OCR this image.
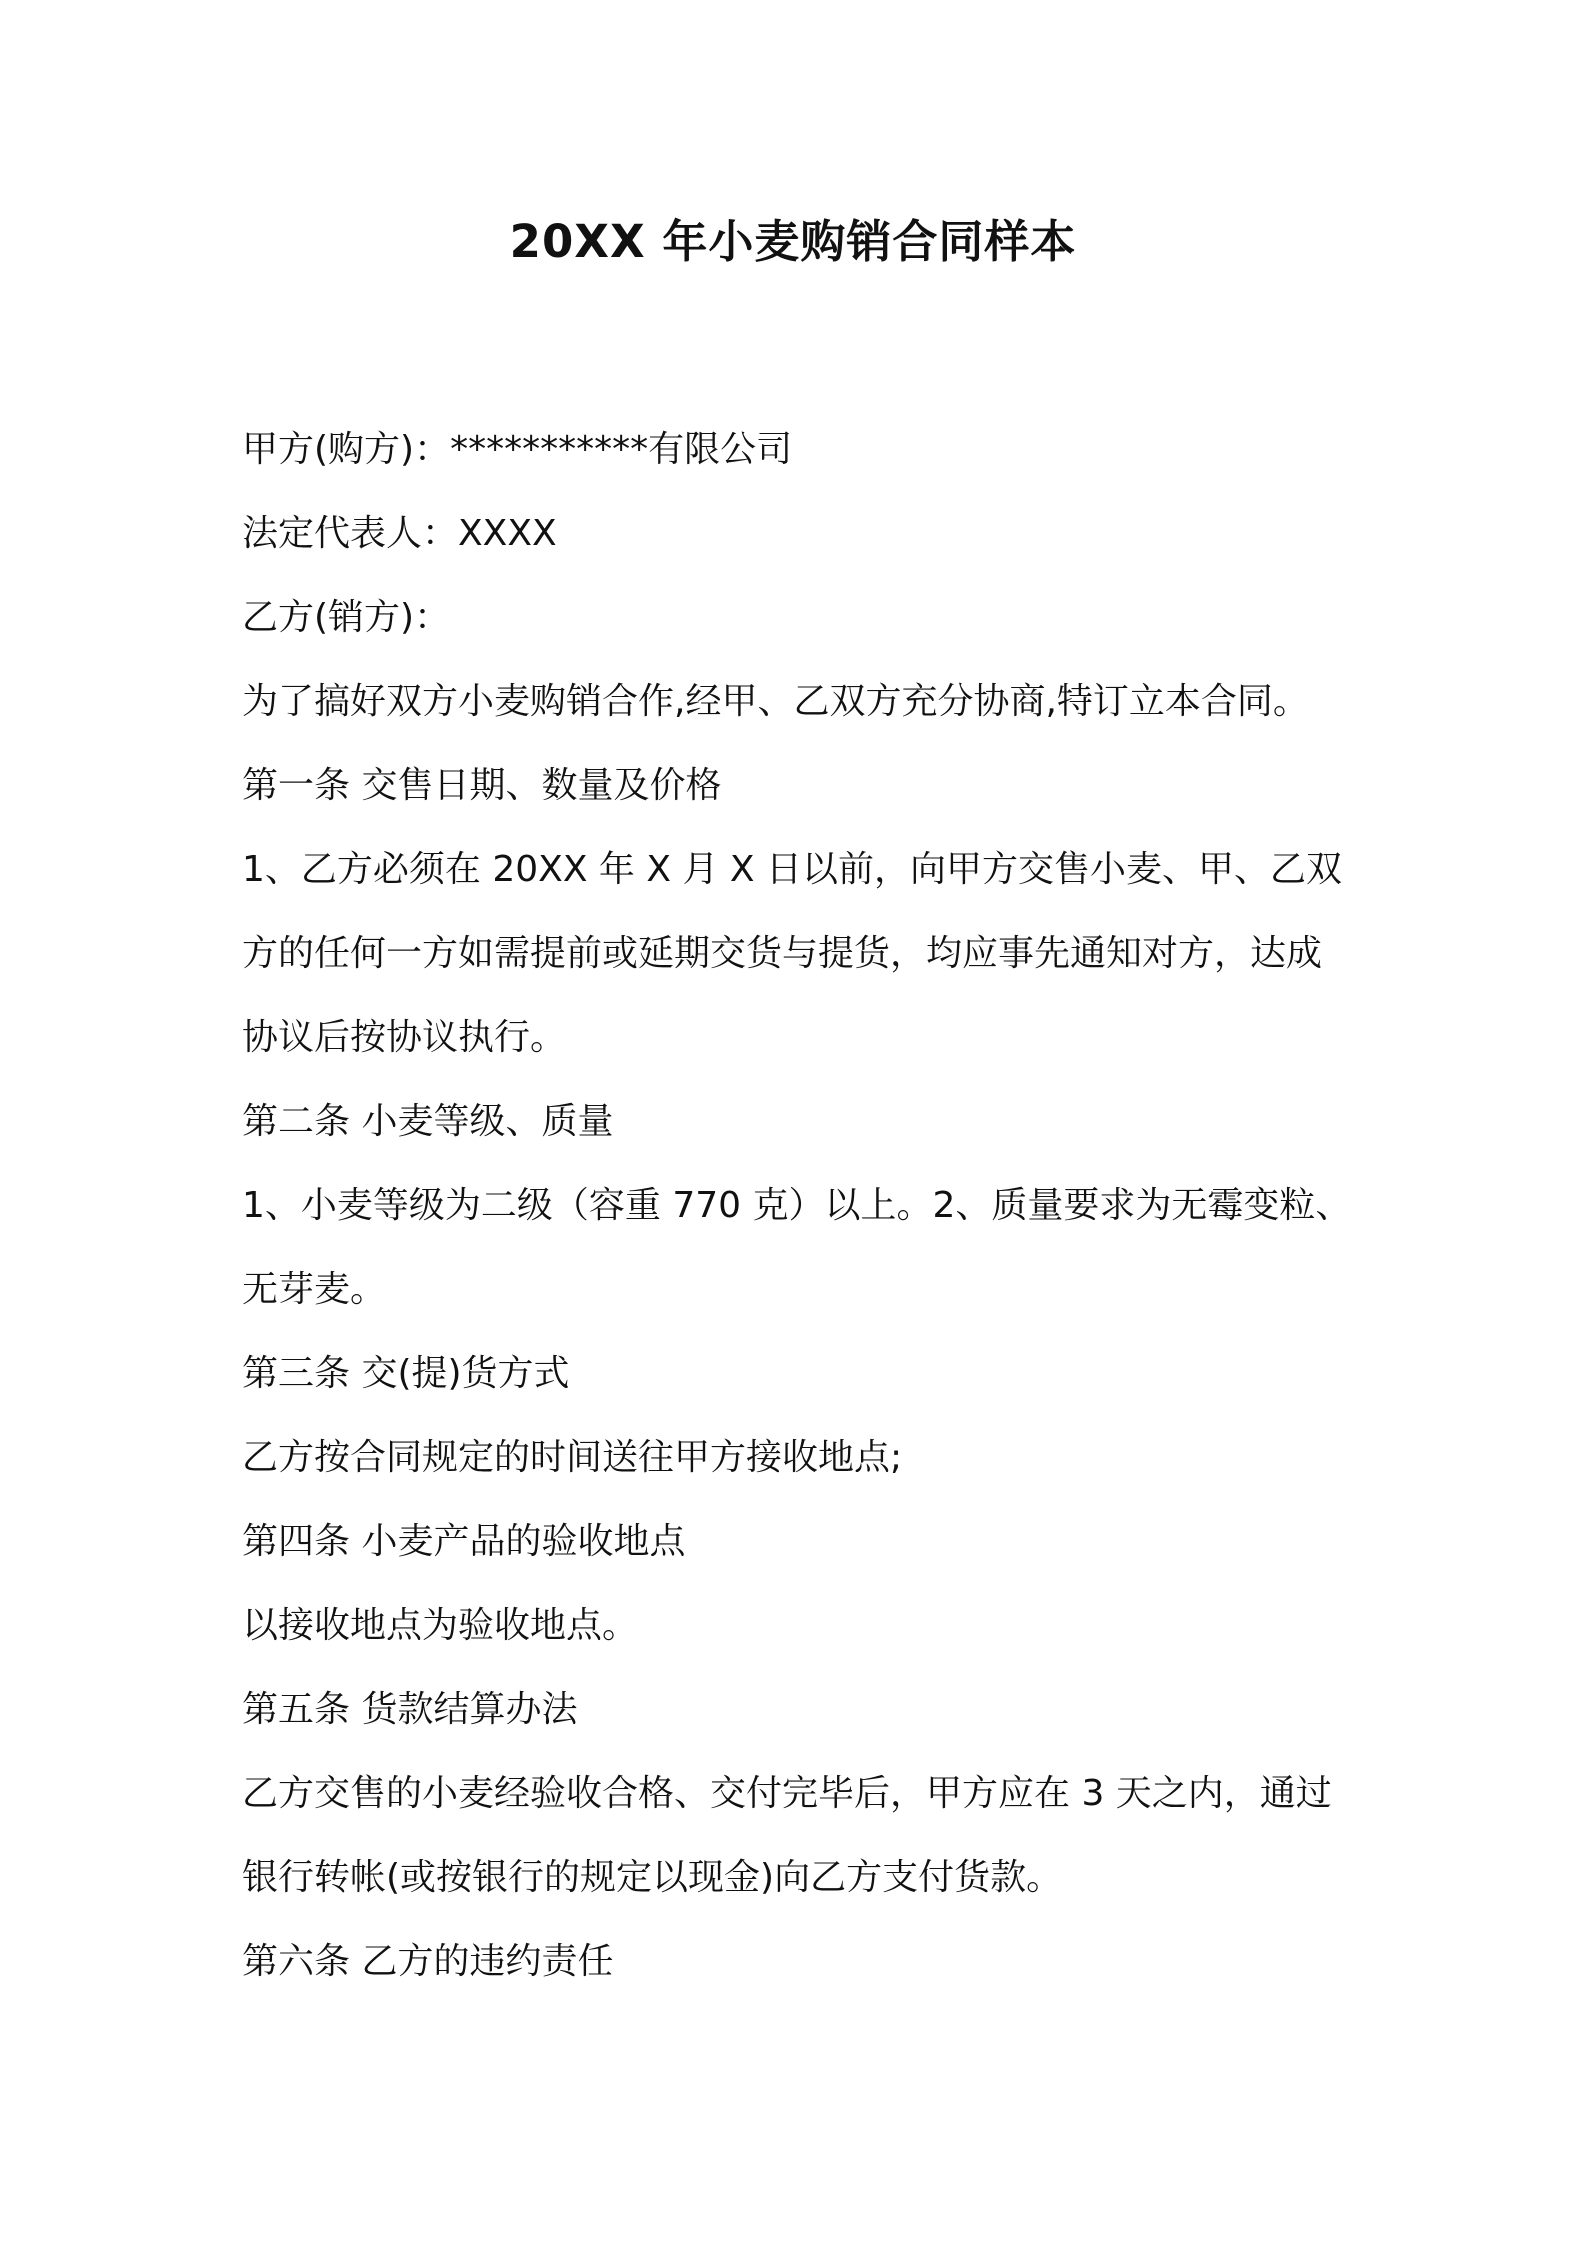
20XX 年小麦购销合同样本

甲方(购方)：***********有限公司

法定代表人：XXXX

乙方(销方)：

为了搞好双方小麦购销合作,经甲、乙双方充分协商,特订立本合同。

第一条 交售日期、数量及价格

1、乙方必须在 20XX 年 X 月 X 日以前，向甲方交售小麦、甲、乙双

方的任何一方如需提前或延期交货与提货，均应事先通知对方，达成

协议后按协议执行。

第二条 小麦等级、质量

1、小麦等级为二级（容重 770 克）以上。2、质量要求为无霉变粒、

无芽麦。

第三条 交(提)货方式

乙方按合同规定的时间送往甲方接收地点;

第四条 小麦产品的验收地点

以接收地点为验收地点。

第五条 货款结算办法

乙方交售的小麦经验收合格、交付完毕后，甲方应在 3 天之内，通过

银行转帐(或按银行的规定以现金)向乙方支付货款。

第六条 乙方的违约责任
